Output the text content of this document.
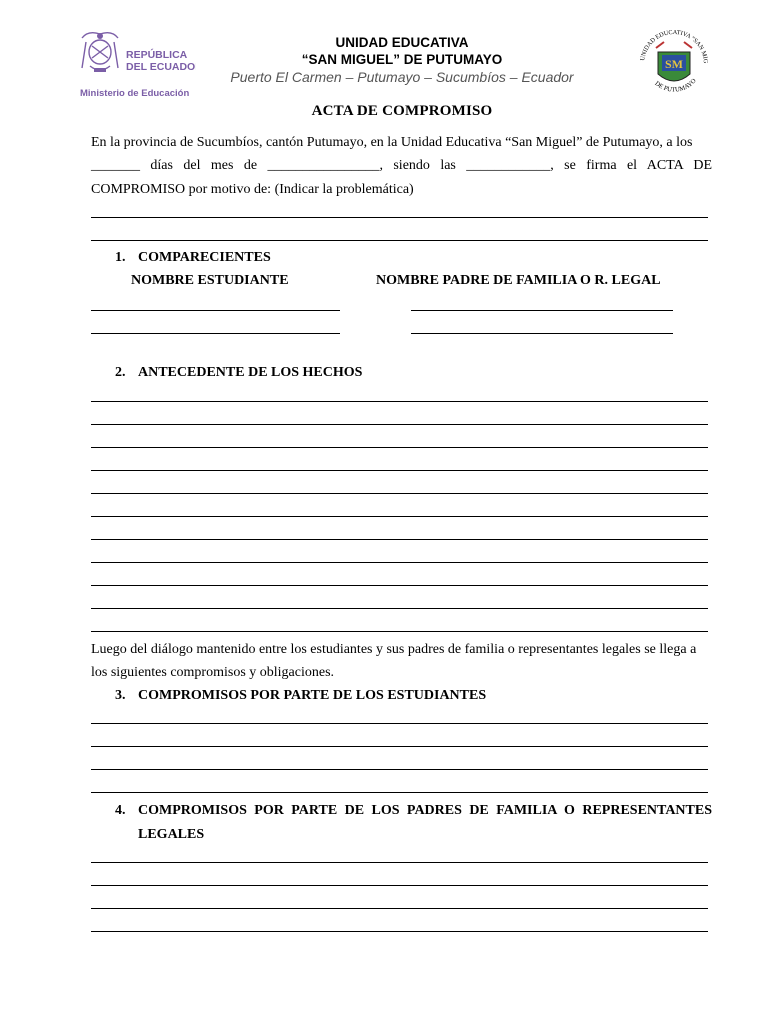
REPÚBLICA
DEL ECUADOR
Ministerio de Educación
UNIDAD EDUCATIVA
“SAN MIGUEL” DE PUTUMAYO
Puerto El Carmen – Putumayo – Sucumbíos – Ecuador
UNIDAD EDUCATIVA “SAN MIG
SM
DE PUTUMAYO
ACTA DE COMPROMISO
En la provincia de Sucumbíos, cantón Putumayo, en la Unidad Educativa “San Miguel” de Putumayo, a los
_______ días del mes de ________________, siendo las ____________, se firma el ACTA DE
COMPROMISO por motivo de: (Indicar la problemática)
1. COMPARECIENTES
NOMBRE ESTUDIANTE	NOMBRE PADRE DE FAMILIA O R. LEGAL
2. ANTECEDENTE DE LOS HECHOS
Luego del diálogo mantenido entre los estudiantes y sus padres de familia o representantes legales se llega a
los siguientes compromisos y obligaciones.
3. COMPROMISOS POR PARTE DE LOS ESTUDIANTES
4. COMPROMISOS POR PARTE DE LOS PADRES DE FAMILIA O REPRESENTANTES
LEGALES
